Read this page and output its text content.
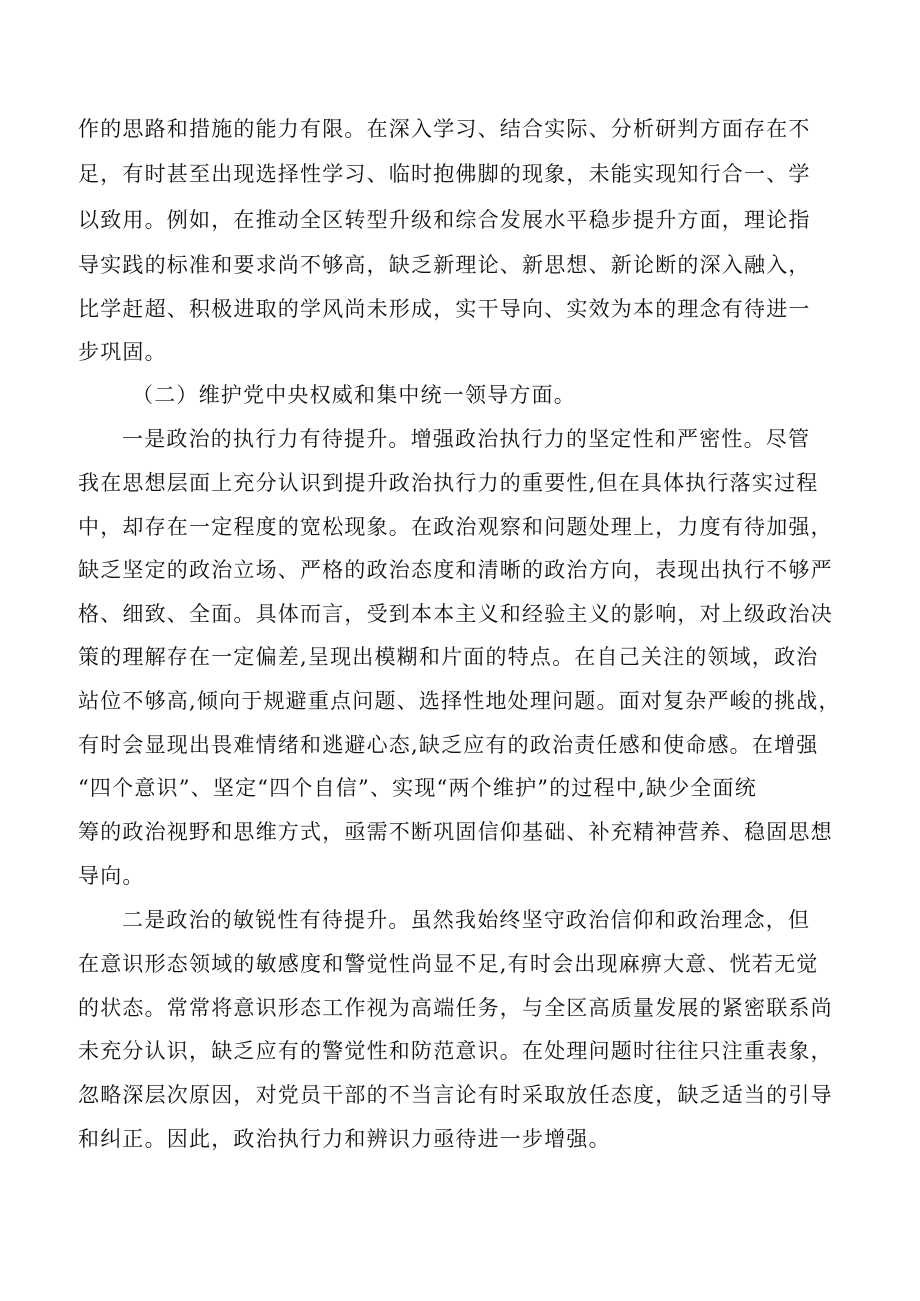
作的思路和措施的能力有限。在深入学习、结合实际、分析研判方面存在不
足，有时甚至出现选择性学习、临时抱佛脚的现象，未能实现知行合一、学
以致用。例如，在推动全区转型升级和综合发展水平稳步提升方面，理论指
导实践的标准和要求尚不够高，缺乏新理论、新思想、新论断的深入融入，
比学赶超、积极进取的学风尚未形成，实干导向、实效为本的理念有待进一
步巩固。
（二）维护党中央权威和集中统一领导方面。
一是政治的执行力有待提升。增强政治执行力的坚定性和严密性。尽管
我在思想层面上充分认识到提升政治执行力的重要性,但在具体执行落实过程
中，却存在一定程度的宽松现象。在政治观察和问题处理上，力度有待加强，
缺乏坚定的政治立场、严格的政治态度和清晰的政治方向，表现出执行不够严
格、细致、全面。具体而言，受到本本主义和经验主义的影响，对上级政治决
策的理解存在一定偏差,呈现出模糊和片面的特点。在自己关注的领域，政治
站位不够高,倾向于规避重点问题、选择性地处理问题。面对复杂严峻的挑战，
有时会显现出畏难情绪和逃避心态,缺乏应有的政治责任感和使命感。在增强
“四个意识”、坚定“四个自信”、实现“两个维护”的过程中,缺少全面统
筹的政治视野和思维方式，亟需不断巩固信仰基础、补充精神营养、稳固思想
导向。
二是政治的敏锐性有待提升。虽然我始终坚守政治信仰和政治理念，但
在意识形态领域的敏感度和警觉性尚显不足,有时会出现麻痹大意、恍若无觉
的状态。常常将意识形态工作视为高端任务，与全区高质量发展的紧密联系尚
未充分认识，缺乏应有的警觉性和防范意识。在处理问题时往往只注重表象，
忽略深层次原因，对党员干部的不当言论有时采取放任态度，缺乏适当的引导
和纠正。因此，政治执行力和辨识力亟待进一步增强。
